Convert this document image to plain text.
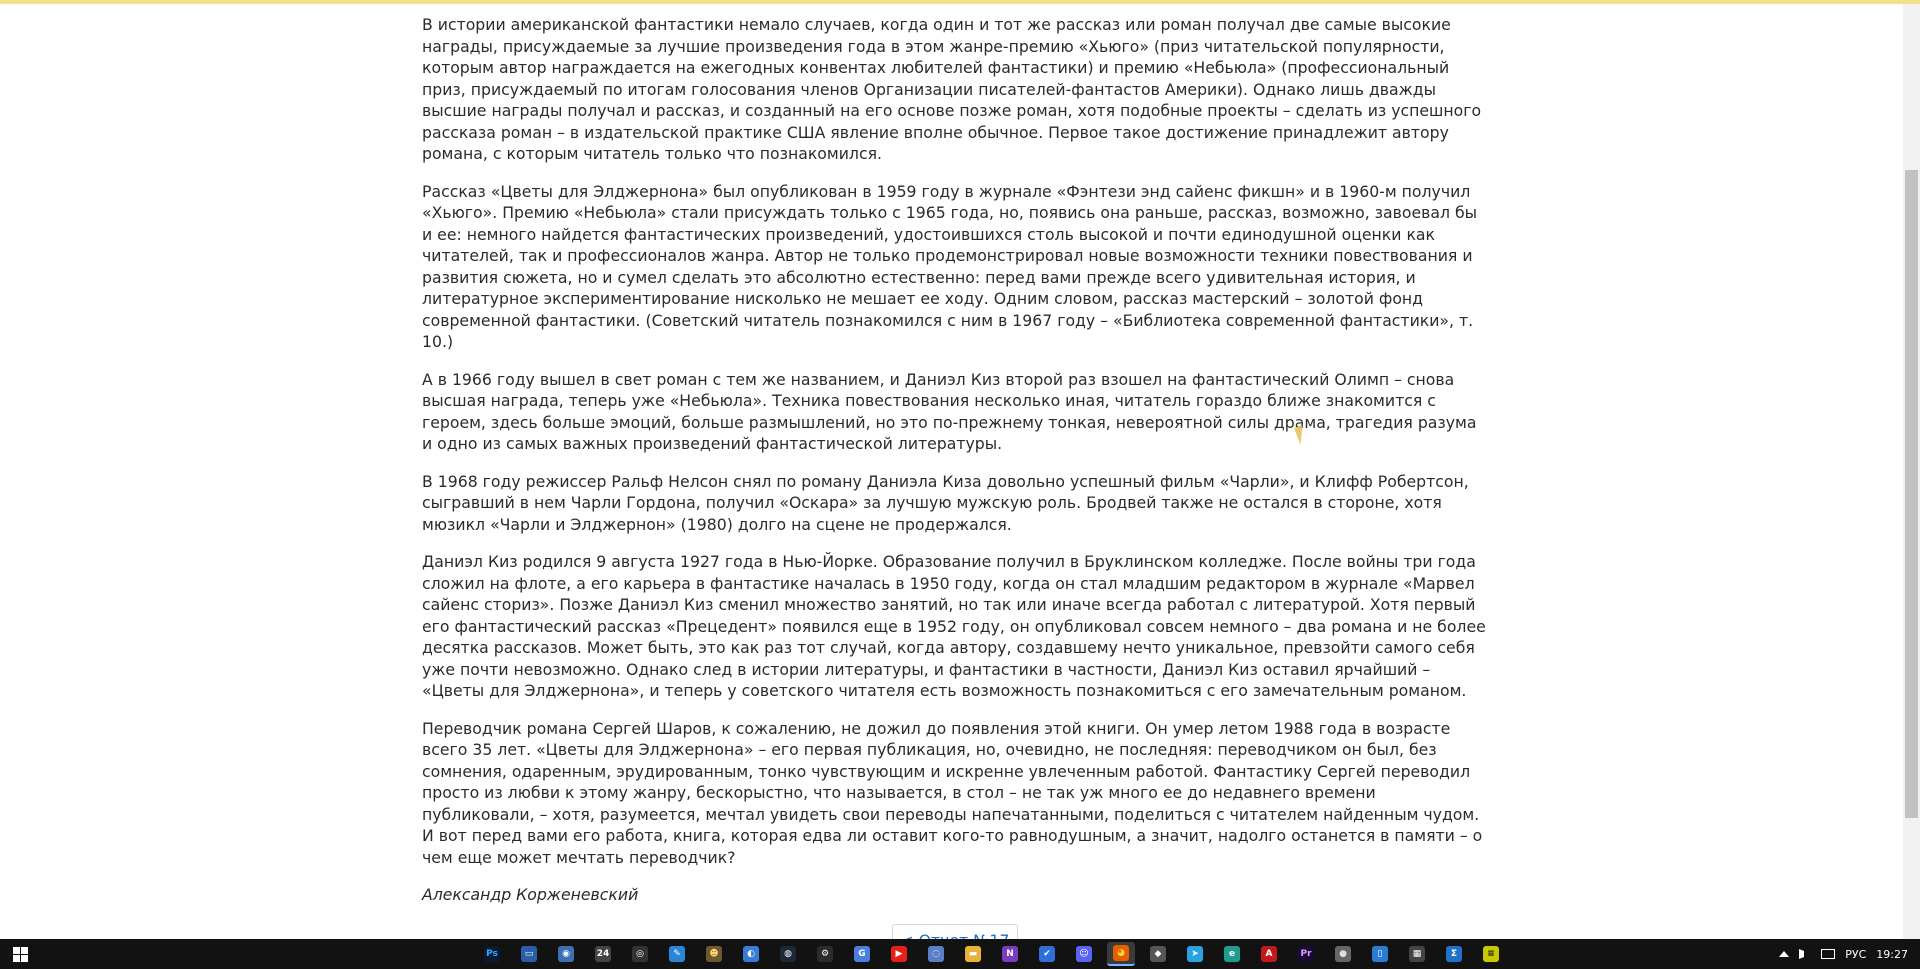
В истории американской фантастики немало случаев, когда один и тот же рассказ или роман получал две самые высокие награды, присуждаемые за лучшие произведения года в этом жанре-премию «Хьюго» (приз читательской популярности, которым автор награждается на ежегодных конвентах любителей фантастики) и премию «Небьюла» (профессиональный приз, присуждаемый по итогам голосования членов Организации писателей-фантастов Америки). Однако лишь дважды высшие награды получал и рассказ, и созданный на его основе позже роман, хотя подобные проекты – сделать из успешного рассказа роман – в издательской практике США явление вполне обычное. Первое такое достижение принадлежит автору романа, с которым читатель только что познакомился.

Рассказ «Цветы для Элджернона» был опубликован в 1959 году в журнале «Фэнтези энд сайенс фикшн» и в 1960-м получил «Хьюго». Премию «Небьюла» стали присуждать только с 1965 года, но, появись она раньше, рассказ, возможно, завоевал бы и ее: немного найдется фантастических произведений, удостоившихся столь высокой и почти единодушной оценки как читателей, так и профессионалов жанра. Автор не только продемонстрировал новые возможности техники повествования и развития сюжета, но и сумел сделать это абсолютно естественно: перед вами прежде всего удивительная история, и литературное экспериментирование нисколько не мешает ее ходу. Одним словом, рассказ мастерский – золотой фонд современной фантастики. (Советский читатель познакомился с ним в 1967 году – «Библиотека современной фантастики», т. 10.)

А в 1966 году вышел в свет роман с тем же названием, и Даниэл Киз второй раз взошел на фантастический Олимп – снова высшая награда, теперь уже «Небьюла». Техника повествования несколько иная, читатель гораздо ближе знакомится с героем, здесь больше эмоций, больше размышлений, но это по-прежнему тонкая, невероятной силы драма, трагедия разума и одно из самых важных произведений фантастической литературы.

В 1968 году режиссер Ральф Нелсон снял по роману Даниэла Киза довольно успешный фильм «Чарли», и Клифф Робертсон, сыгравший в нем Чарли Гордона, получил «Оскара» за лучшую мужскую роль. Бродвей также не остался в стороне, хотя мюзикл «Чарли и Элджернон» (1980) долго на сцене не продержался.

Даниэл Киз родился 9 августа 1927 года в Нью-Йорке. Образование получил в Бруклинском колледже. После войны три года сложил на флоте, а его карьера в фантастике началась в 1950 году, когда он стал младшим редактором в журнале «Марвел сайенс сториз». Позже Даниэл Киз сменил множество занятий, но так или иначе всегда работал с литературой. Хотя первый его фантастический рассказ «Прецедент» появился еще в 1952 году, он опубликовал совсем немного – два романа и не более десятка рассказов. Может быть, это как раз тот случай, когда автору, создавшему нечто уникальное, превзойти самого себя уже почти невозможно. Однако след в истории литературы, и фантастики в частности, Даниэл Киз оставил ярчайший – «Цветы для Элджернона», и теперь у советского читателя есть возможность познакомиться с его замечательным романом.

Переводчик романа Сергей Шаров, к сожалению, не дожил до появления этой книги. Он умер летом 1988 года в возрасте всего 35 лет. «Цветы для Элджернона» – его первая публикация, но, очевидно, не последняя: переводчиком он был, без сомнения, одаренным, эрудированным, тонко чувствующим и искренне увлеченным работой. Фантастику Сергей переводил просто из любви к этому жанру, бескорыстно, что называется, в стол – не так уж много ее до недавнего времени публиковали, – хотя, разумеется, мечтал увидеть свои переводы напечатанными, поделиться с читателем найденным чудом. И вот перед вами его работа, книга, которая едва ли оставит кого-то равнодушным, а значит, надолго останется в памяти – о чем еще может мечтать переводчик?

Александр Корженевский

Ps	▭	◉	24	◎	✎	☻	◐	◍	⚙	G	▶	◌	▬	N	✔	☺	◕	◆	➤	e	A	Pr	●	▯	▦	Σ	≡	РУС 19:27
